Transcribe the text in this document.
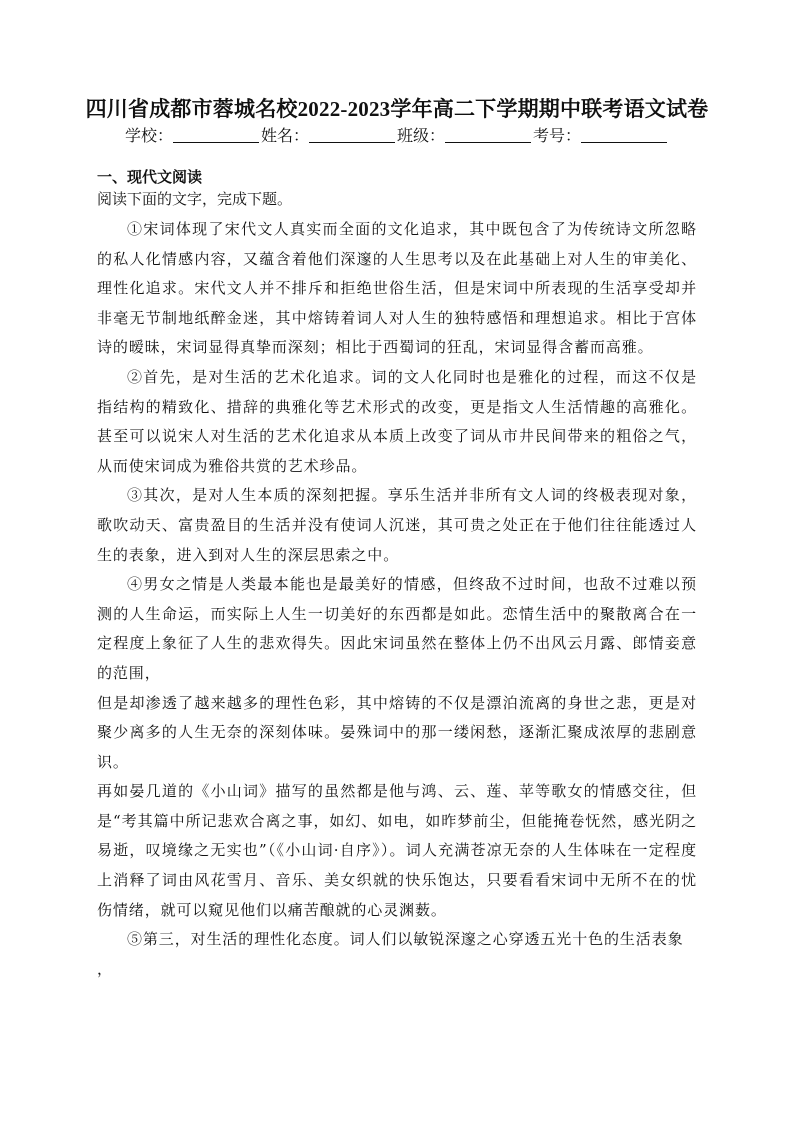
四川省成都市蓉城名校2022-2023学年高二下学期期中联考语文试卷
学校：	姓名：	班级：	考号：
一、现代文阅读
阅读下面的文字，完成下题。

①宋词体现了宋代文人真实而全面的文化追求，其中既包含了为传统诗文所忽略的私人化情感内容，又蕴含着他们深邃的人生思考以及在此基础上对人生的审美化、理性化追求。宋代文人并不排斥和拒绝世俗生活，但是宋词中所表现的生活享受却并非毫无节制地纸醉金迷，其中熔铸着词人对人生的独特感悟和理想追求。相比于宫体诗的暧昧，宋词显得真挚而深刻；相比于西蜀词的狂乱，宋词显得含蓄而高雅。

②首先，是对生活的艺术化追求。词的文人化同时也是雅化的过程，而这不仅是指结构的精致化、措辞的典雅化等艺术形式的改变，更是指文人生活情趣的高雅化。甚至可以说宋人对生活的艺术化追求从本质上改变了词从市井民间带来的粗俗之气，从而使宋词成为雅俗共赏的艺术珍品。

③其次，是对人生本质的深刻把握。享乐生活并非所有文人词的终极表现对象，歌吹动天、富贵盈目的生活并没有使词人沉迷，其可贵之处正在于他们往往能透过人生的表象，进入到对人生的深层思索之中。

④男女之情是人类最本能也是最美好的情感，但终敌不过时间，也敌不过难以预测的人生命运，而实际上人生一切美好的东西都是如此。恋情生活中的聚散离合在一定程度上象征了人生的悲欢得失。因此宋词虽然在整体上仍不出风云月露、郎情妾意的范围，

但是却渗透了越来越多的理性色彩，其中熔铸的不仅是漂泊流离的身世之悲，更是对聚少离多的人生无奈的深刻体味。晏殊词中的那一缕闲愁，逐渐汇聚成浓厚的悲剧意识。

再如晏几道的《小山词》描写的虽然都是他与鸿、云、莲、苹等歌女的情感交往，但是“考其篇中所记悲欢合离之事，如幻、如电，如昨梦前尘，但能掩卷怃然，感光阴之易逝，叹境缘之无实也”（《小山词·自序》）。词人充满苍凉无奈的人生体味在一定程度上消释了词由风花雪月、音乐、美女织就的快乐饱达，只要看看宋词中无所不在的忧伤情绪，就可以窥见他们以痛苦酿就的心灵渊薮。

⑤第三，对生活的理性化态度。词人们以敏锐深邃之心穿透五光十色的生活表象

，
